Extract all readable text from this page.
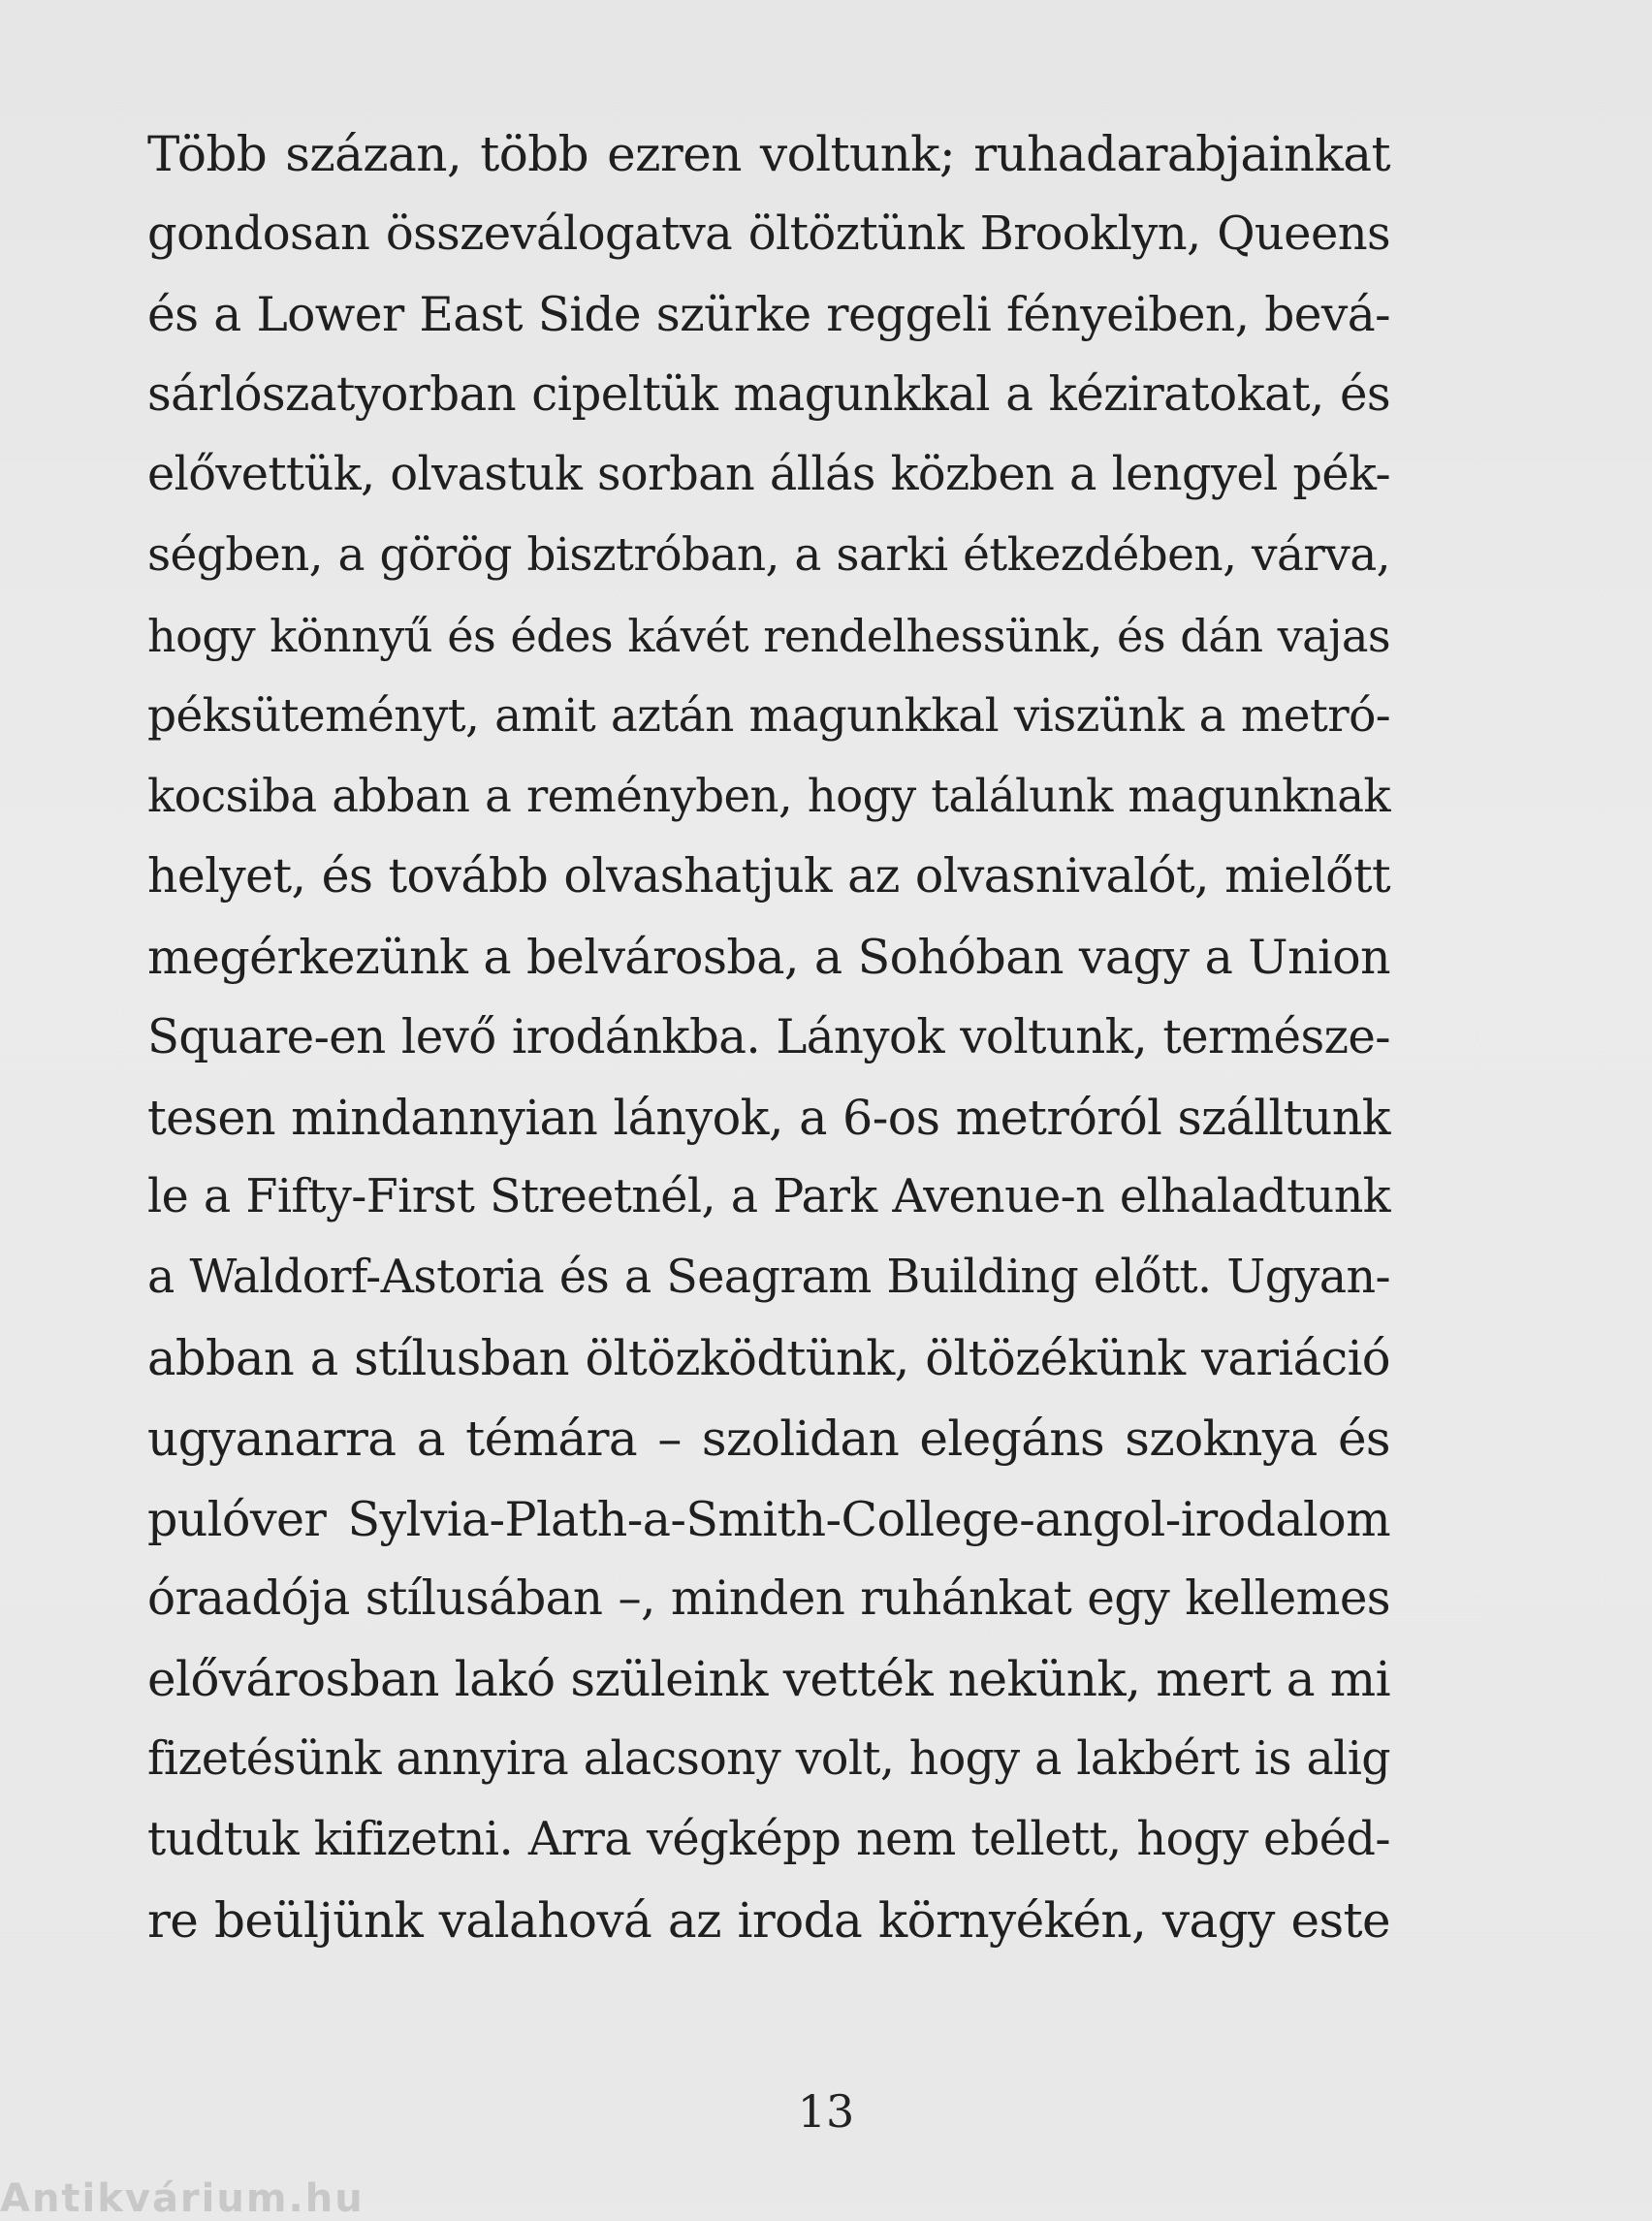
Több százan, több ezren voltunk; ruhadarabjainkat
gondosan összeválogatva öltöztünk Brooklyn, Queens
és a Lower East Side szürke reggeli fényeiben, bevá-
sárlószatyorban cipeltük magunkkal a kéziratokat, és
elővettük, olvastuk sorban állás közben a lengyel pék-
ségben, a görög bisztróban, a sarki étkezdében, várva,
hogy könnyű és édes kávét rendelhessünk, és dán vajas
péksüteményt, amit aztán magunkkal viszünk a metró-
kocsiba abban a reményben, hogy találunk magunknak
helyet, és tovább olvashatjuk az olvasnivalót, mielőtt
megérkezünk a belvárosba, a Sohóban vagy a Union
Square-en levő irodánkba. Lányok voltunk, természe-
tesen mindannyian lányok, a 6-os metróról szálltunk
le a Fifty-First Streetnél, a Park Avenue-n elhaladtunk
a Waldorf-Astoria és a Seagram Building előtt. Ugyan-
abban a stílusban öltözködtünk, öltözékünk variáció
ugyanarra a témára – szolidan elegáns szoknya és
pulóver Sylvia-Plath-a-Smith-College-angol-irodalom
óraadója stílusában –, minden ruhánkat egy kellemes
elővárosban lakó szüleink vették nekünk, mert a mi
fizetésünk annyira alacsony volt, hogy a lakbért is alig
tudtuk kifizetni. Arra végképp nem tellett, hogy ebéd-
re beüljünk valahová az iroda környékén, vagy este
13
Antikvárium.hu
